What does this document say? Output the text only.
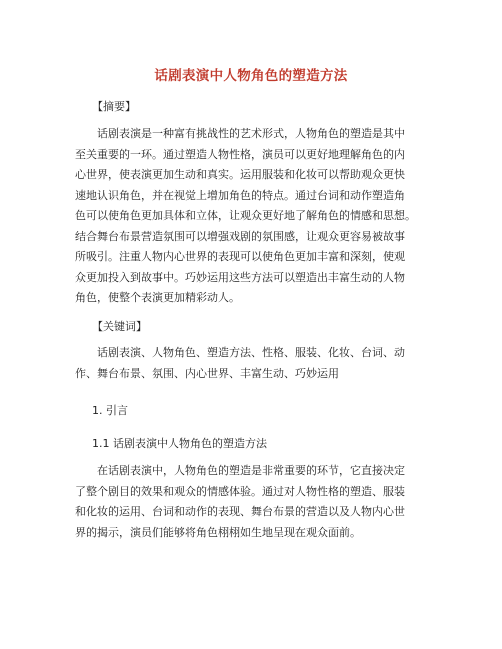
话剧表演中人物角色的塑造方法
【摘要】
话剧表演是一种富有挑战性的艺术形式，人物角色的塑造是其中
至关重要的一环。通过塑造人物性格，演员可以更好地理解角色的内
心世界，使表演更加生动和真实。运用服装和化妆可以帮助观众更快
速地认识角色，并在视觉上增加角色的特点。通过台词和动作塑造角
色可以使角色更加具体和立体，让观众更好地了解角色的情感和思想。
结合舞台布景营造氛围可以增强戏剧的氛围感，让观众更容易被故事
所吸引。注重人物内心世界的表现可以使角色更加丰富和深刻，使观
众更加投入到故事中。巧妙运用这些方法可以塑造出丰富生动的人物
角色，使整个表演更加精彩动人。
【关键词】
话剧表演、人物角色、塑造方法、性格、服装、化妆、台词、动
作、舞台布景、氛围、内心世界、丰富生动、巧妙运用
1. 引言
1.1 话剧表演中人物角色的塑造方法
在话剧表演中，人物角色的塑造是非常重要的环节，它直接决定
了整个剧目的效果和观众的情感体验。通过对人物性格的塑造、服装
和化妆的运用、台词和动作的表现、舞台布景的营造以及人物内心世
界的揭示，演员们能够将角色栩栩如生地呈现在观众面前。
